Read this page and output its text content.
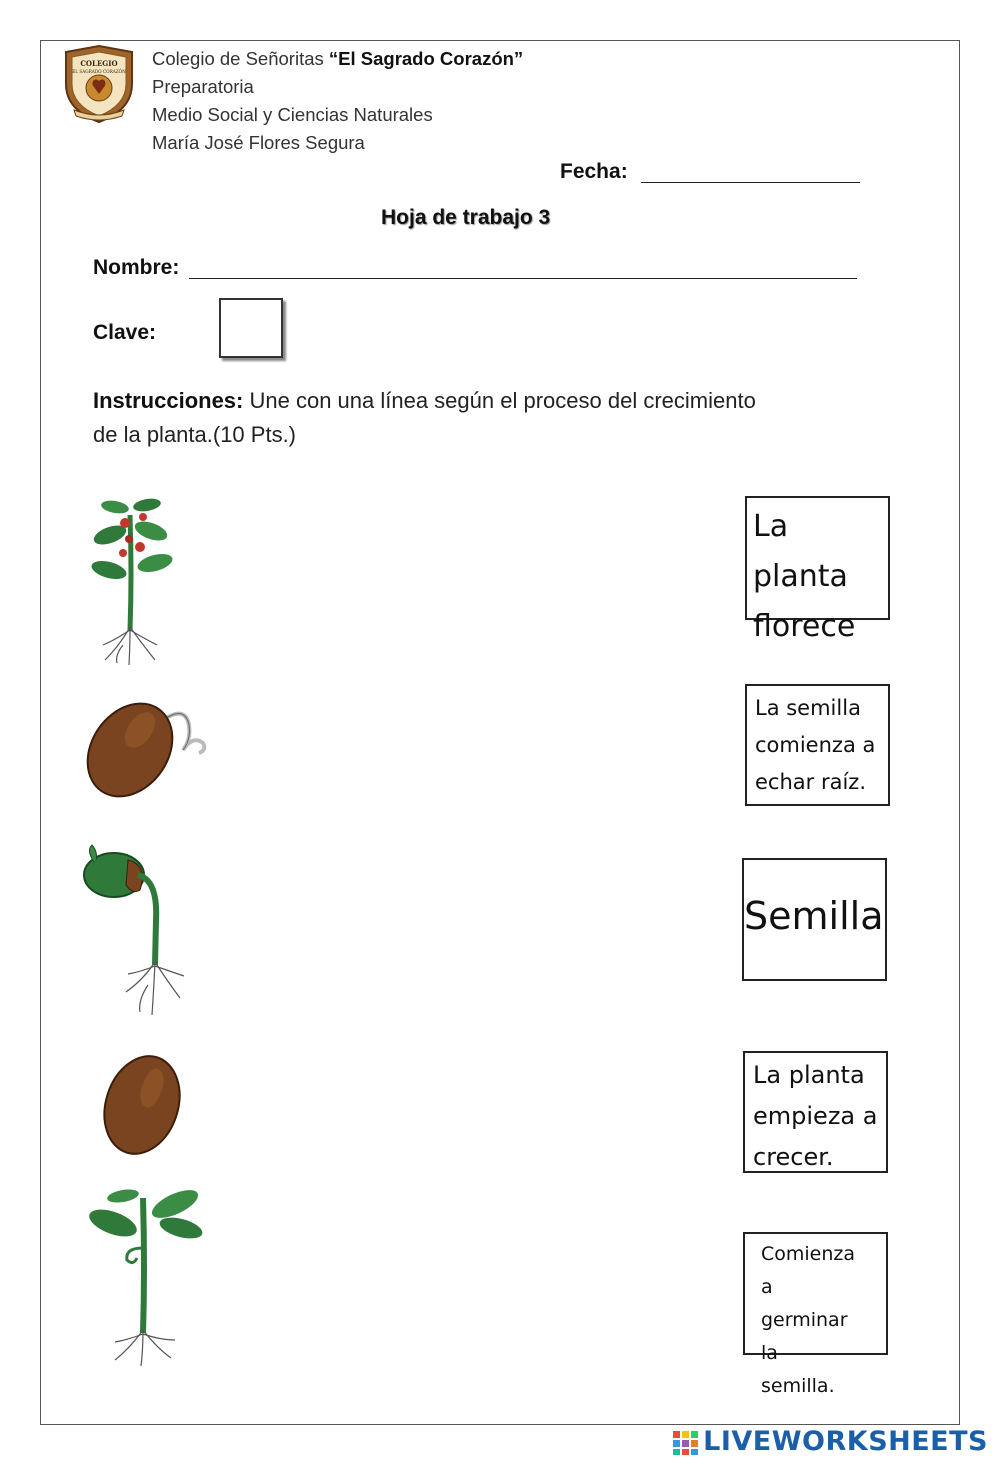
COLEGIO
EL SAGRADO CORAZÓN
Colegio de Señoritas “El Sagrado Corazón”
Preparatoria
Medio Social y Ciencias Naturales
María José Flores Segura
Fecha:
Hoja de trabajo 3
Nombre:
Clave:
Instrucciones: Une con una línea según el proceso del crecimiento
de la planta.(10 Pts.)
La planta
florece
La semilla
comienza a
echar raíz.
Semilla
La planta
empieza a
crecer.
Comienza a
germinar la
semilla.
LIVEWORKSHEETS
